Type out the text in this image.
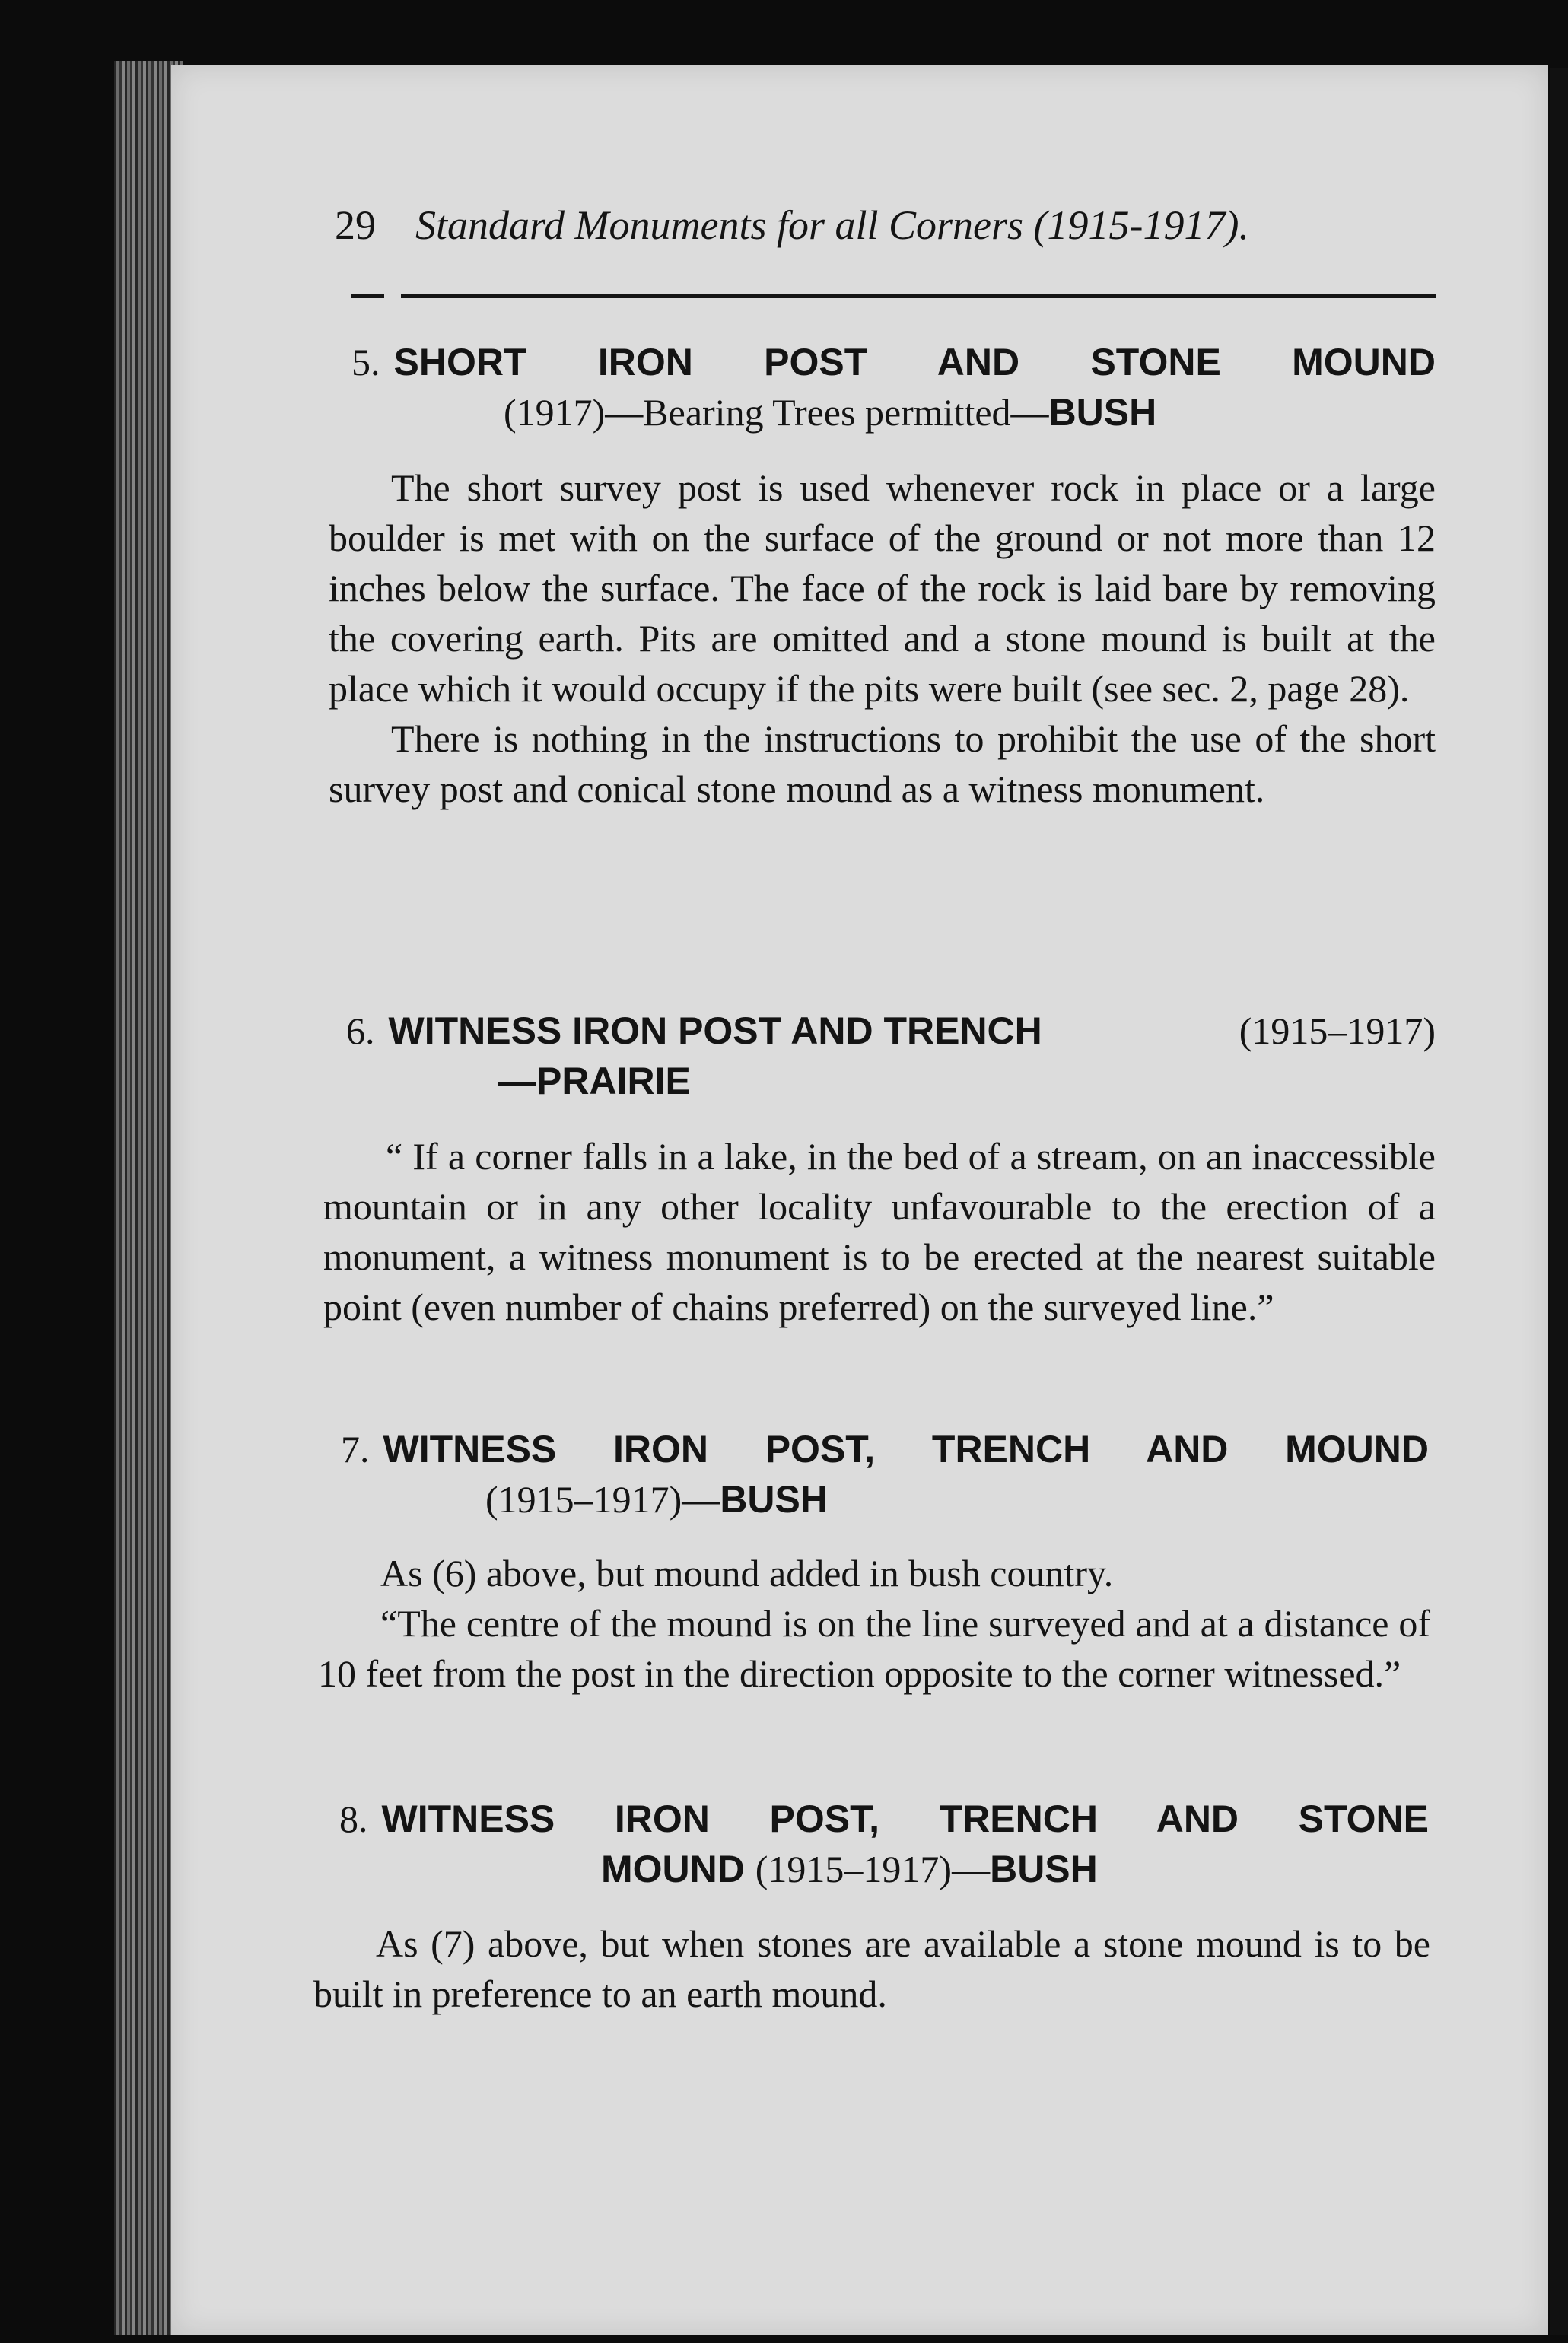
29 Standard Monuments for all Corners (1915-1917).
5. SHORT IRON POST AND STONE MOUND
(1917)—Bearing Trees permitted—BUSH

The short survey post is used whenever rock in place or a large boulder is met with on the surface of the ground or not more than 12 inches below the surface. The face of the rock is laid bare by removing the covering earth. Pits are omitted and a stone mound is built at the place which it would occupy if the pits were built (see sec. 2, page 28).

There is nothing in the instructions to prohibit the use of the short survey post and conical stone mound as a witness monument.

6. WITNESS IRON POST AND TRENCH	(1915–1917)
—PRAIRIE

“ If a corner falls in a lake, in the bed of a stream, on an inaccessible mountain or in any other locality unfavourable to the erection of a monument, a witness monument is to be erected at the nearest suitable point (even number of chains preferred) on the surveyed line.”

7. WITNESS IRON POST, TRENCH AND MOUND
(1915–1917)—BUSH

As (6) above, but mound added in bush country.

“The centre of the mound is on the line surveyed and at a distance of 10 feet from the post in the direction opposite to the corner witnessed.”

8. WITNESS IRON POST, TRENCH AND STONE
MOUND (1915–1917)—BUSH

As (7) above, but when stones are available a stone mound is to be built in preference to an earth mound.
